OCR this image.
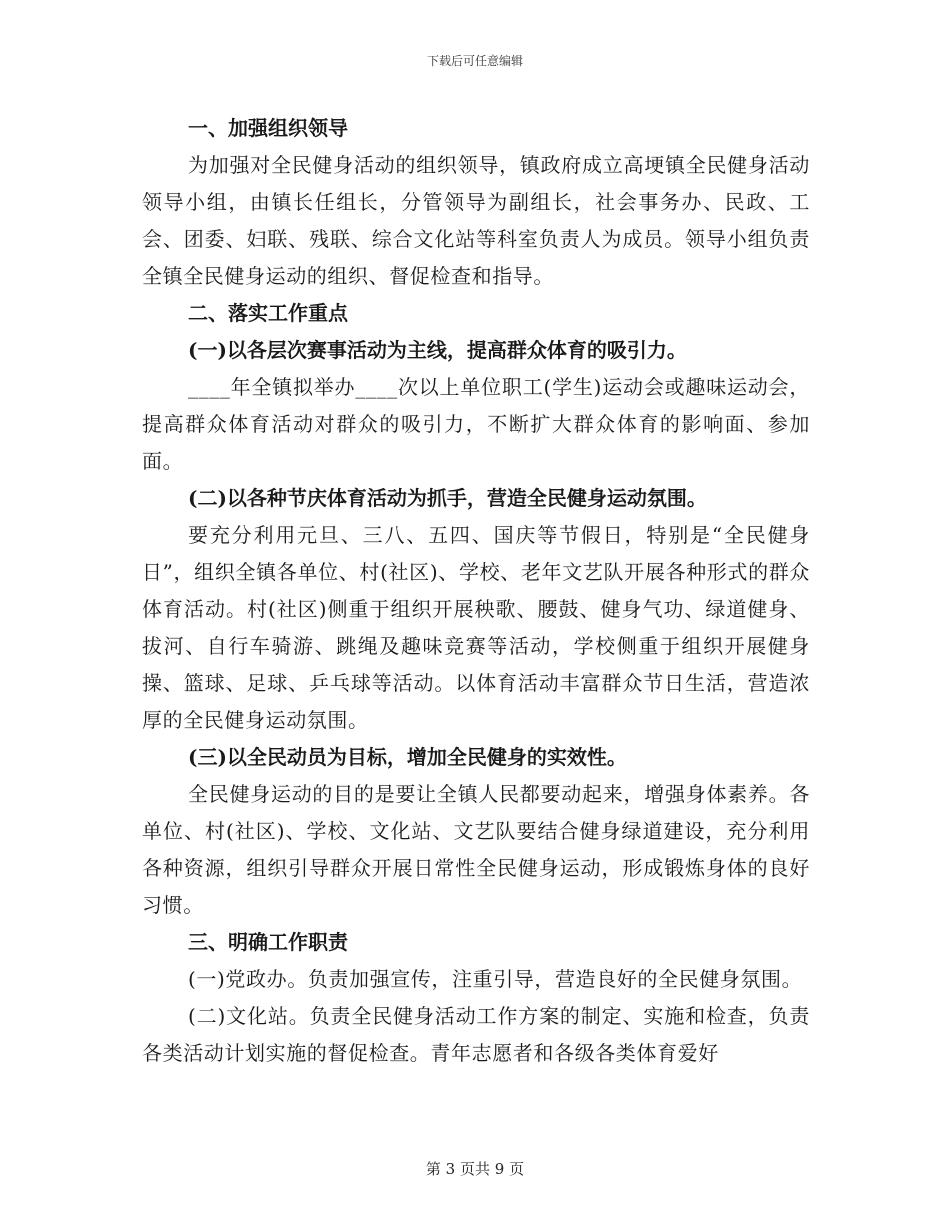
下载后可任意编辑

一、加强组织领导

为加强对全民健身活动的组织领导，镇政府成立高埂镇全民健身活动领导小组，由镇长任组长，分管领导为副组长，社会事务办、民政、工会、团委、妇联、残联、综合文化站等科室负责人为成员。领导小组负责全镇全民健身运动的组织、督促检查和指导。

二、落实工作重点

(一)以各层次赛事活动为主线，提高群众体育的吸引力。

____年全镇拟举办____次以上单位职工(学生)运动会或趣味运动会，提高群众体育活动对群众的吸引力，不断扩大群众体育的影响面、参加面。

(二)以各种节庆体育活动为抓手，营造全民健身运动氛围。

要充分利用元旦、三八、五四、国庆等节假日，特别是“全民健身日”，组织全镇各单位、村(社区)、学校、老年文艺队开展各种形式的群众体育活动。村(社区)侧重于组织开展秧歌、腰鼓、健身气功、绿道健身、拔河、自行车骑游、跳绳及趣味竞赛等活动，学校侧重于组织开展健身操、篮球、足球、乒乓球等活动。以体育活动丰富群众节日生活，营造浓厚的全民健身运动氛围。

(三)以全民动员为目标，增加全民健身的实效性。

全民健身运动的目的是要让全镇人民都要动起来，增强身体素养。各单位、村(社区)、学校、文化站、文艺队要结合健身绿道建设，充分利用各种资源，组织引导群众开展日常性全民健身运动，形成锻炼身体的良好习惯。

三、明确工作职责

(一)党政办。负责加强宣传，注重引导，营造良好的全民健身氛围。

(二)文化站。负责全民健身活动工作方案的制定、实施和检查，负责各类活动计划实施的督促检查。青年志愿者和各级各类体育爱好

第 3 页共 9 页
